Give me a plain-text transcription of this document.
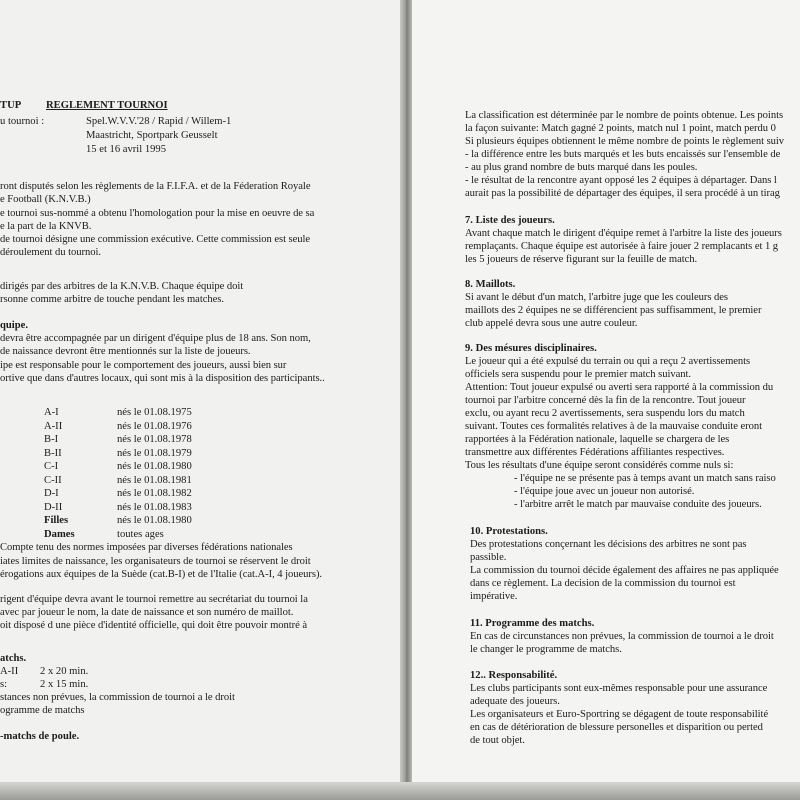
TUP REGLEMENT TOURNOI
u tournoi :	Spel.W.V.V.'28 / Rapid / Willem-1
Maastricht, Sportpark Geusselt
15 et 16 avril 1995
ront disputés selon les règlements de la F.I.F.A. et de la Féderation Royale
e Football (K.N.V.B.)
e tournoi sus-nommé a obtenu l'homologation pour la mise en oeuvre de sa
e la part de la KNVB.
de tournoi désigne une commission exécutive. Cette commission est seule
déroulement du tournoi.
dirigés par des arbitres de la K.N.V.B. Chaque équipe doit
rsonne comme arbitre de touche pendant les matches.
quipe.
devra être accompagnée par un dirigent d'équipe plus de 18 ans. Son nom,
de naissance devront être mentionnés sur la liste de joueurs.
ipe est responsable pour le comportement des joueurs, aussi bien sur
ortive que dans d'autres locaux, qui sont mis à la disposition des participants..
A-I	nés le 01.08.1975
A-II	nés le 01.08.1976
B-I	nés le 01.08.1978
B-II	nés le 01.08.1979
C-I	nés le 01.08.1980
C-II	nés le 01.08.1981
D-I	nés le 01.08.1982
D-II	nés le 01.08.1983
Filles	nés le 01.08.1980
Dames	toutes ages
Compte tenu des normes imposées par diverses fédérations nationales
iates limites de naissance, les organisateurs de tournoi se réservent le droit
érogations aux équipes de la Suède (cat.B-I) et de l'Italie (cat.A-I, 4 joueurs).
rigent d'équipe devra avant le tournoi remettre au secrétariat du tournoi la
avec par joueur le nom, la date de naissance et son numéro de maillot.
oit disposé d une pièce d'identité officielle, qui doit être pouvoir montré à
atchs.
A-II 2 x 20 min.
s:	2 x 15 min.
stances non prévues, la commission de tournoi a le droit
ogramme de matchs
-matchs de poule.
La classification est déterminée par le nombre de points obtenue. Les points
la façon suivante: Match gagné 2 points, match nul 1 point, match perdu 0
Si plusieurs équipes obtiennent le même nombre de points le règlement suiv
- la différence entre les buts marqués et les buts encaissés sur l'ensemble de
- au plus grand nombre de buts marqué dans les poules.
- le résultat de la rencontre ayant opposé les 2 équipes à départager. Dans l
aurait pas la possibilité de départager des équipes, il sera procédé à un tirag
7. Liste des joueurs.
Avant chaque match le dirigent d'équipe remet à l'arbitre la liste des joueurs
remplaçants. Chaque équipe est autorisée à faire jouer 2 remplacants et 1 g
les 5 joueurs de réserve figurant sur la feuille de match.
8. Maillots.
Si avant le début d'un match, l'arbitre juge que les couleurs des
maillots des 2 équipes ne se différencient pas suffisamment, le premier
club appelé devra sous une autre couleur.
9. Des mésures disciplinaires.
Le joueur qui a été expulsé du terrain ou qui a reçu 2 avertissements
officiels sera suspendu pour le premier match suivant.
Attention: Tout joueur expulsé ou averti sera rapporté à la commission du
tournoi par l'arbitre concerné dès la fin de la rencontre. Tout joueur
exclu, ou ayant recu 2 avertissements, sera suspendu lors du match
suivant. Toutes ces formalités relatives à de la mauvaise conduite eront
rapportées à la Fédération nationale, laquelle se chargera de les
transmettre aux différentes Fédérations affiliantes respectives.
Tous les résultats d'une équipe seront considérés comme nuls si:
- l'équipe ne se présente pas à temps avant un match sans raiso
- l'équipe joue avec un joueur non autorisé.
- l'arbitre arrêt le match par mauvaise conduite des joueurs.
10. Protestations.
Des protestations conçernant les décisions des arbitres ne sont pas
passible.
La commission du tournoi décide également des affaires ne pas appliquée
dans ce règlement. La decision de la commission du tournoi est
impérative.
11. Programme des matchs.
En cas de circunstances non prévues, la commission de tournoi a le droit
le changer le programme de matchs.
12.. Responsabilité.
Les clubs participants sont eux-mêmes responsable pour une assurance
adequate des joueurs.
Les organisateurs et Euro-Sportring se dégagent de toute responsabilité
en cas de détérioration de blessure personelles et disparition ou perted
de tout objet.
